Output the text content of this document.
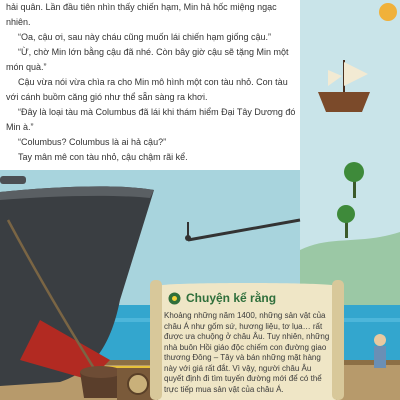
hải quân. Lần đầu tiên nhìn thấy chiến hạm, Min hả hốc miệng ngạc nhiên.

“Oa, cậu ơi, sau này cháu cũng muốn lái chiến hạm giống cậu.”

“Ừ, chờ Min lớn bằng cậu đã nhé. Còn bây giờ cậu sẽ tặng Min một món quà.”

Cậu vừa nói vừa chìa ra cho Min mô hình một con tàu nhỏ. Con tàu với cánh buồm căng gió như thể sẵn sàng ra khơi.

“Đây là loại tàu mà Columbus đã lái khi thám hiểm Đại Tây Dương đó Min à.”

“Columbus? Columbus là ai hả cậu?”

Tay mân mê con tàu nhỏ, cậu chậm rãi kể.

Chuyện kể rằng
Khoảng những năm 1400, những sản vật của châu Á như gốm sứ, hương liệu, tơ lụa… rất được ưa chuộng ở châu Âu. Tuy nhiên, những nhà buôn Hồi giáo độc chiếm con đường giao thương Đông – Tây và bán những mặt hàng này với giá rất đắt. Vì vậy, người châu Âu quyết định đi tìm tuyến đường mới để có thể trực tiếp mua sản vật của châu Á.
